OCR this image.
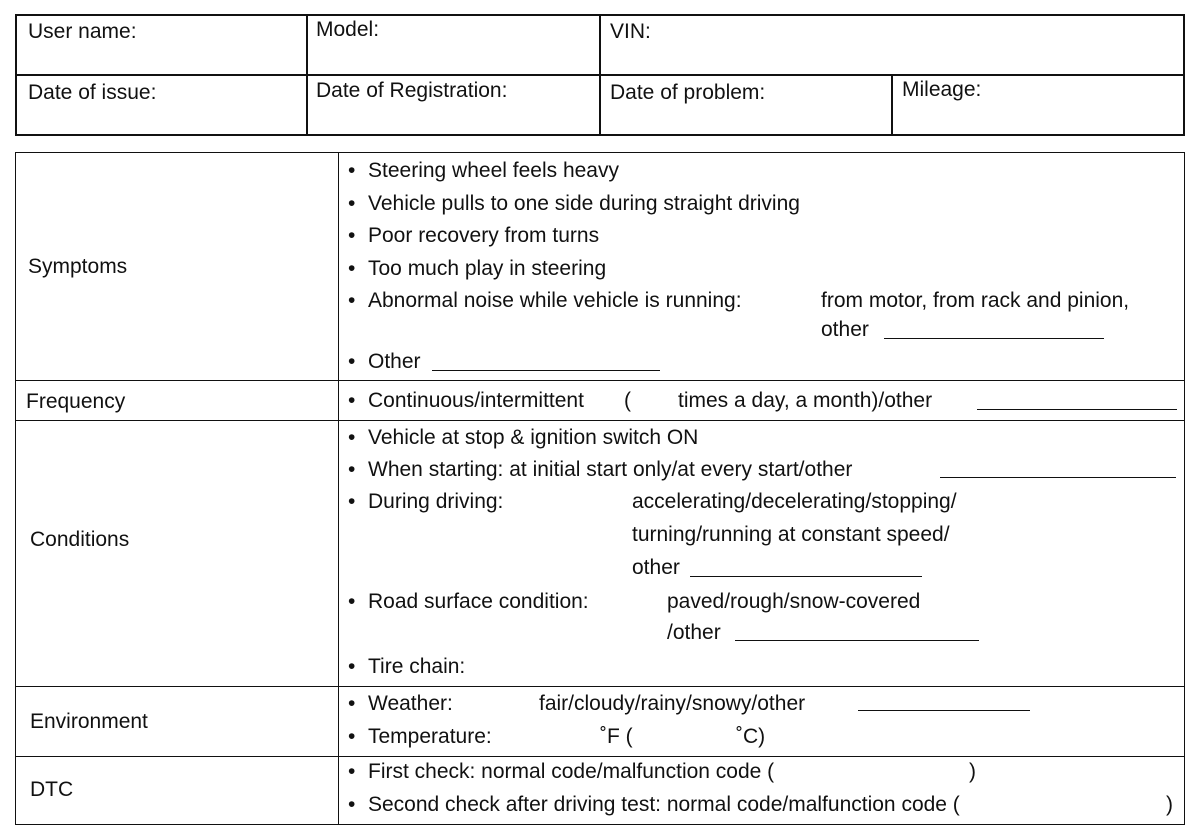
User name:	Model:	VIN:
Date of issue:	Date of Registration:	Date of problem:	Mileage:
Symptoms
• Steering wheel feels heavy
• Vehicle pulls to one side during straight driving
• Poor recovery from turns
• Too much play in steering
• Abnormal noise while vehicle is running:	from motor, from rack and pinion,
other
• Other
Frequency	• Continuous/intermittent ( times a day, a month)/other
Conditions
• Vehicle at stop & ignition switch ON
• When starting: at initial start only/at every start/other
• During driving:	accelerating/decelerating/stopping/
turning/running at constant speed/
other
• Road surface condition:	paved/rough/snow-covered
/other
• Tire chain:
Environment
• Weather:	fair/cloudy/rainy/snowy/other
• Temperature:	˚F (	˚C)
DTC
• First check: normal code/malfunction code (	)
• Second check after driving test: normal code/malfunction code (	)
